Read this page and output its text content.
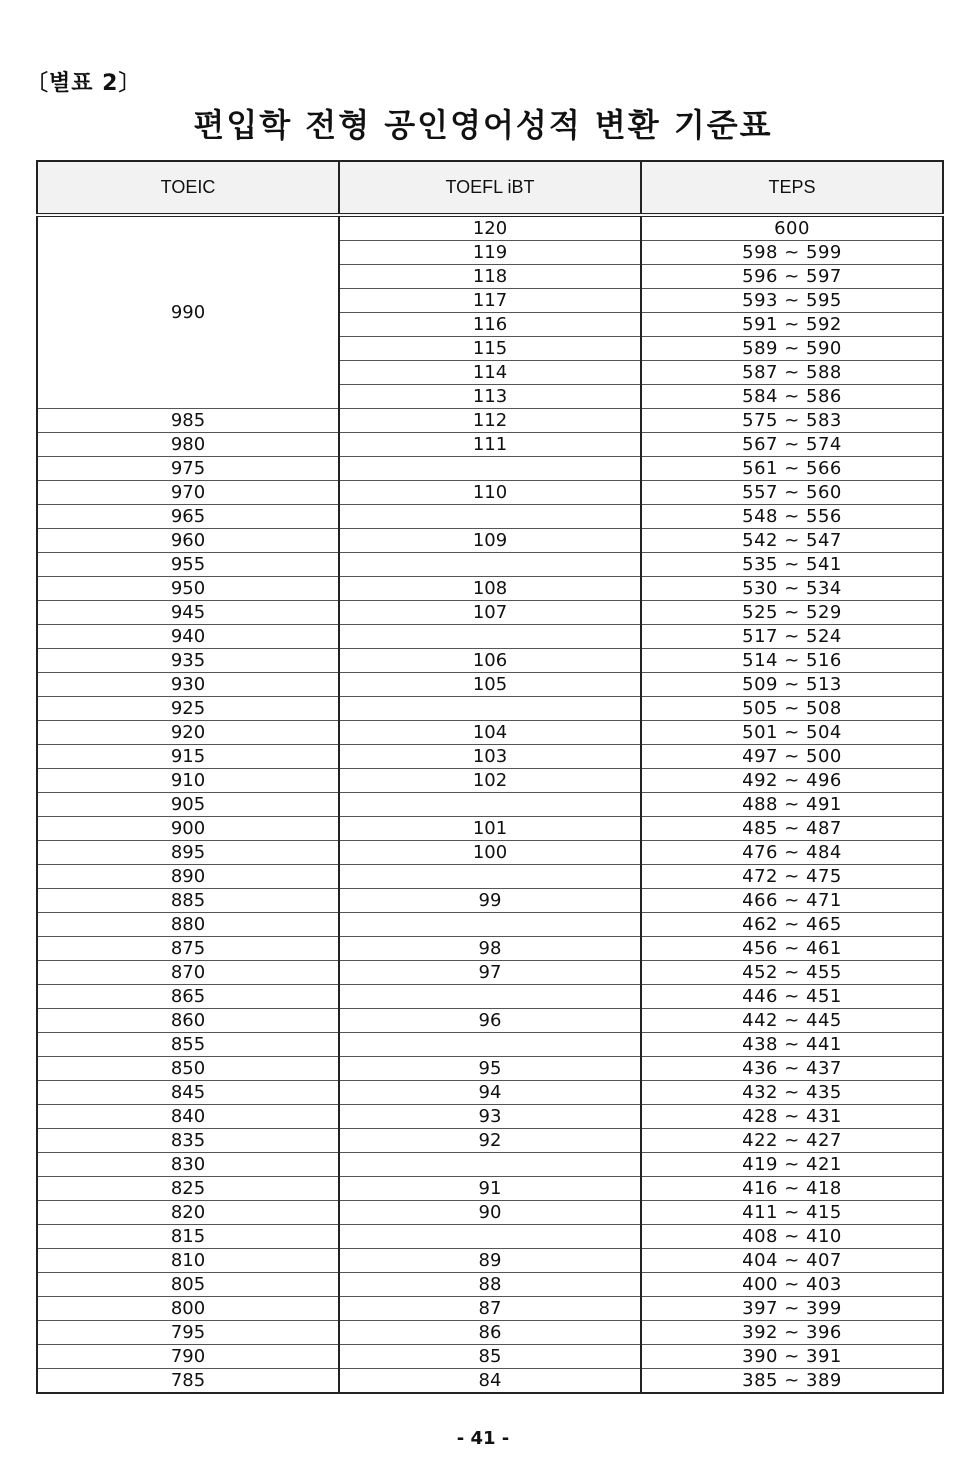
〔별표 2〕
편입학 전형 공인영어성적 변환 기준표
TOEIC	TOEFL iBT	TEPS
990	120	600
	119	598 ~ 599
	118	596 ~ 597
	117	593 ~ 595
	116	591 ~ 592
	115	589 ~ 590
	114	587 ~ 588
	113	584 ~ 586
985	112	575 ~ 583
980	111	567 ~ 574
975		561 ~ 566
970	110	557 ~ 560
965		548 ~ 556
960	109	542 ~ 547
955		535 ~ 541
950	108	530 ~ 534
945	107	525 ~ 529
940		517 ~ 524
935	106	514 ~ 516
930	105	509 ~ 513
925		505 ~ 508
920	104	501 ~ 504
915	103	497 ~ 500
910	102	492 ~ 496
905		488 ~ 491
900	101	485 ~ 487
895	100	476 ~ 484
890		472 ~ 475
885	99	466 ~ 471
880		462 ~ 465
875	98	456 ~ 461
870	97	452 ~ 455
865		446 ~ 451
860	96	442 ~ 445
855		438 ~ 441
850	95	436 ~ 437
845	94	432 ~ 435
840	93	428 ~ 431
835	92	422 ~ 427
830		419 ~ 421
825	91	416 ~ 418
820	90	411 ~ 415
815		408 ~ 410
810	89	404 ~ 407
805	88	400 ~ 403
800	87	397 ~ 399
795	86	392 ~ 396
790	85	390 ~ 391
785	84	385 ~ 389
- 41 -
